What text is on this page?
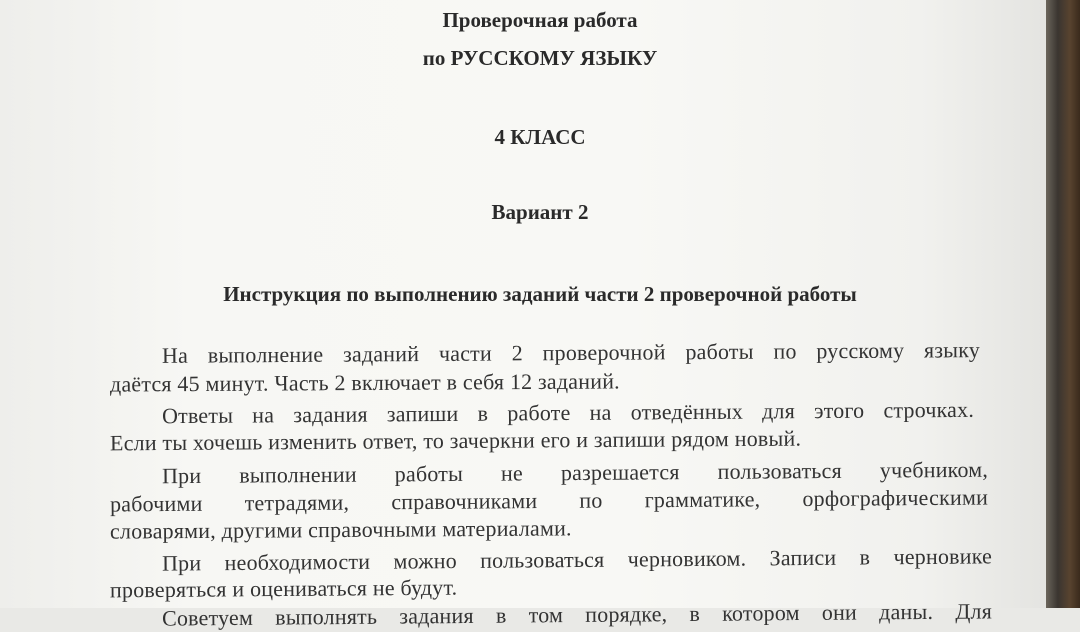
Проверочная работа
по РУССКОМУ ЯЗЫКУ
4 КЛАСС
Вариант 2
Инструкция по выполнению заданий части 2 проверочной работы
На выполнение заданий части 2 проверочной работы по русскому языку
даётся 45 минут. Часть 2 включает в себя 12 заданий.
Ответы на задания запиши в работе на отведённых для этого строчках.
Если ты хочешь изменить ответ, то зачеркни его и запиши рядом новый.
При выполнении работы не разрешается пользоваться учебником,
рабочими тетрадями, справочниками по грамматике, орфографическими
словарями, другими справочными материалами.
При необходимости можно пользоваться черновиком. Записи в черновике
проверяться и оцениваться не будут.
Советуем выполнять задания в том порядке, в котором они даны. Для
